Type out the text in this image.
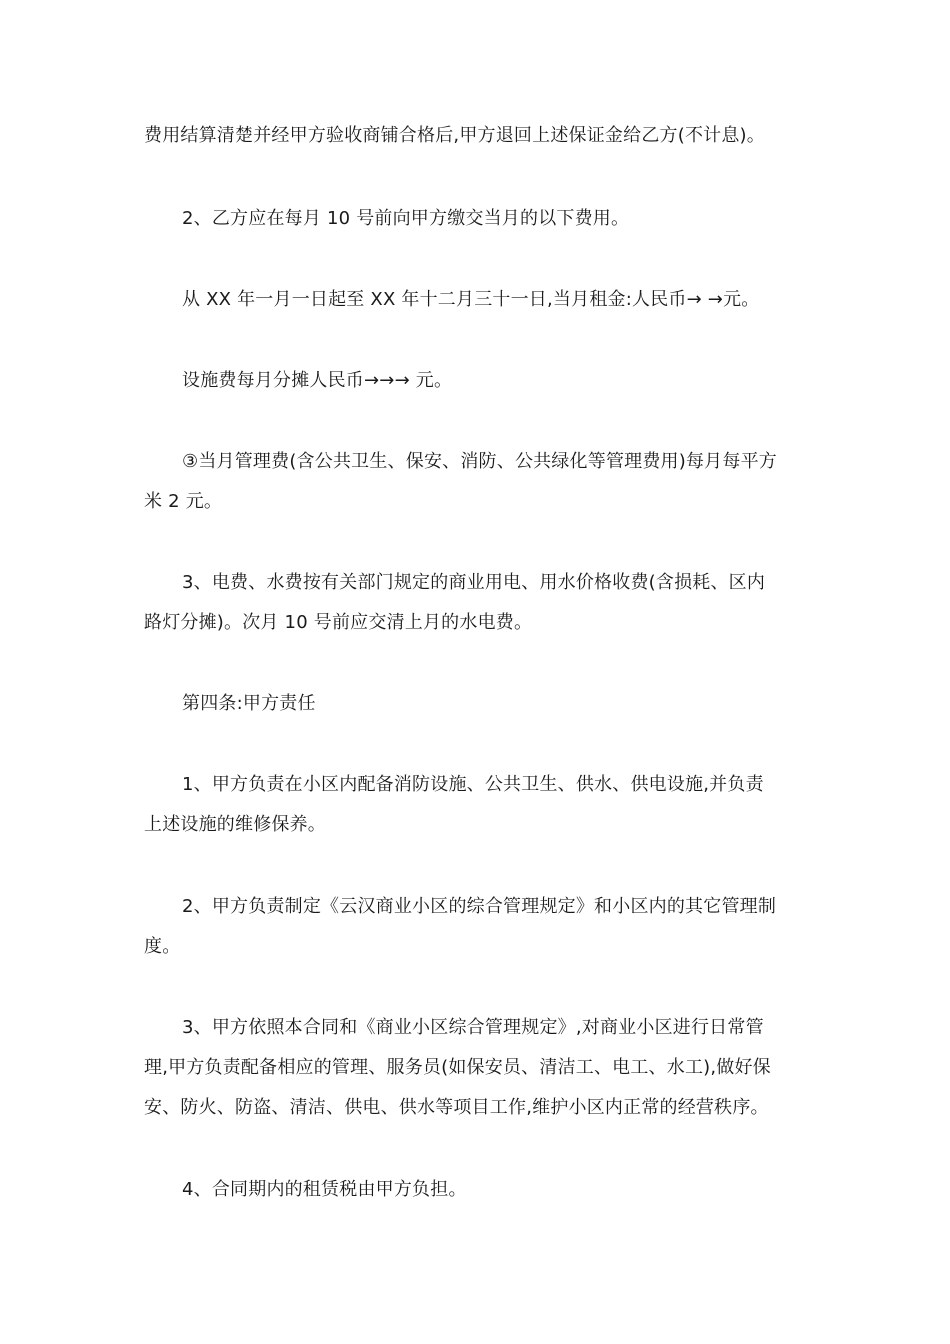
费用结算清楚并经甲方验收商铺合格后,甲方退回上述保证金给乙方(不计息)。

2、乙方应在每月 10 号前向甲方缴交当月的以下费用。

从 XX 年一月一日起至 XX 年十二月三十一日,当月租金:人民币→ →元。

设施费每月分摊人民币→→→ 元。

③当月管理费(含公共卫生、保安、消防、公共绿化等管理费用)每月每平方
米 2 元。

3、电费、水费按有关部门规定的商业用电、用水价格收费(含损耗、区内
路灯分摊)。次月 10 号前应交清上月的水电费。

第四条:甲方责任

1、甲方负责在小区内配备消防设施、公共卫生、供水、供电设施,并负责
上述设施的维修保养。

2、甲方负责制定《云汉商业小区的综合管理规定》和小区内的其它管理制
度。

3、甲方依照本合同和《商业小区综合管理规定》,对商业小区进行日常管
理,甲方负责配备相应的管理、服务员(如保安员、清洁工、电工、水工),做好保
安、防火、防盗、清洁、供电、供水等项目工作,维护小区内正常的经营秩序。

4、合同期内的租赁税由甲方负担。
